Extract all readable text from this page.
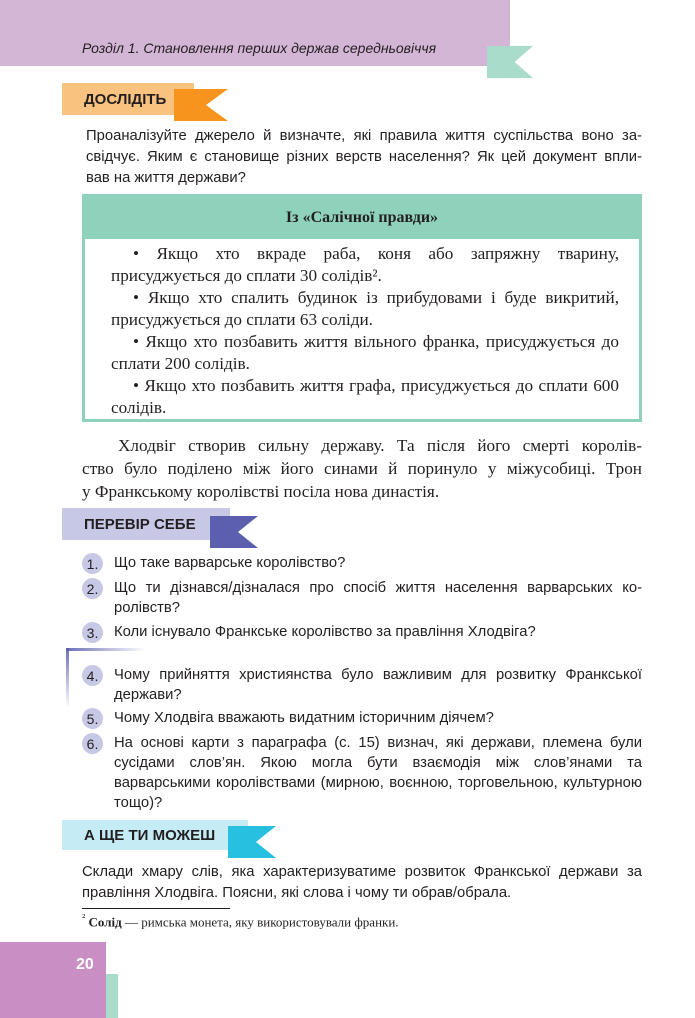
Розділ 1. Становлення перших держав середньовіччя
ДОСЛІДІТЬ
Проаналізуйте джерело й визначте, які правила життя суспільства воно за-
свідчує. Яким є становище різних верств населення? Як цей документ впли-
вав на життя держави?
Із «Салічної правди»

• Якщо хто вкраде раба, коня або запряжну тварину, присуджується до сплати 30 солідів².

• Якщо хто спалить будинок із прибудовами і буде викритий, присуджується до сплати 63 соліди.

• Якщо хто позбавить життя вільного франка, присуджується до сплати 200 солідів.

• Якщо хто позбавить життя графа, присуджується до сплати 600 солідів.

Хлодвіг створив сильну державу. Та після його смерті королів-
ство було поділено між його синами й поринуло у міжусобиці. Трон
у Франкському королівстві посіла нова династія.
ПЕРЕВІР СЕБЕ
1.	Що таке варварське королівство?
2.	Що ти дізнався/дізналася про спосіб життя населення варварських ко-ролівств?
3.	Коли існувало Франкське королівство за правління Хлодвіга?
4.	Чому прийняття християнства було важливим для розвитку Франкської держави?
5.	Чому Хлодвіга вважають видатним історичним діячем?
6.	На основі карти з параграфа (с. 15) визнач, які держави, племена були сусідами слов’ян. Якою могла бути взаємодія між слов’янами та варварськими королівствами (мирною, воєнною, торговельною, культурною тощо)?
А ЩЕ ТИ МОЖЕШ
Склади хмару слів, яка характеризуватиме розвиток Франкської держави за
правління Хлодвіга. Поясни, які слова і чому ти обрав/обрала.
$^{^2}$ Солід — римська монета, яку використовували франки.
20
